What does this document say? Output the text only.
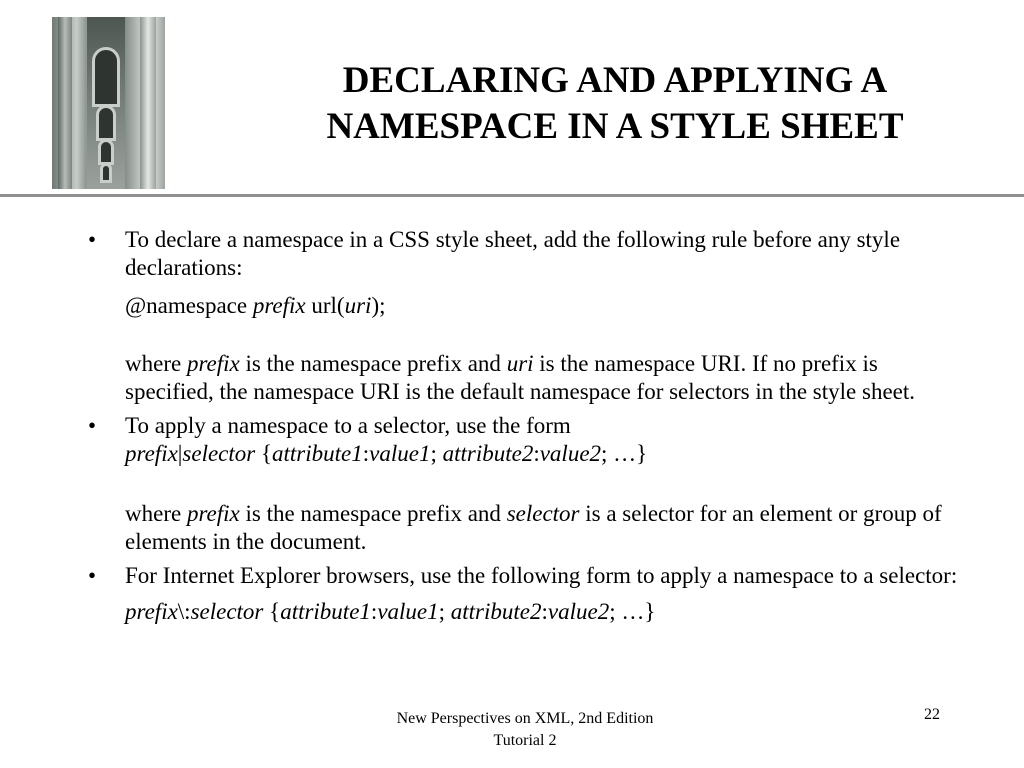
DECLARING AND APPLYING A
NAMESPACE IN A STYLE SHEET
•	To declare a namespace in a CSS style sheet, add the following rule before any style declarations:
@namespace prefix url(uri);
where prefix is the namespace prefix and uri is the namespace URI. If no prefix is specified, the namespace URI is the default namespace for selectors in the style sheet.
•	To apply a namespace to a selector, use the form
prefix|selector {attribute1:value1; attribute2:value2; …}
where prefix is the namespace prefix and selector is a selector for an element or group of elements in the document.
•	For Internet Explorer browsers, use the following form to apply a namespace to a selector:
prefix\:selector {attribute1:value1; attribute2:value2; …}
New Perspectives on XML, 2nd Edition
Tutorial 2
22
